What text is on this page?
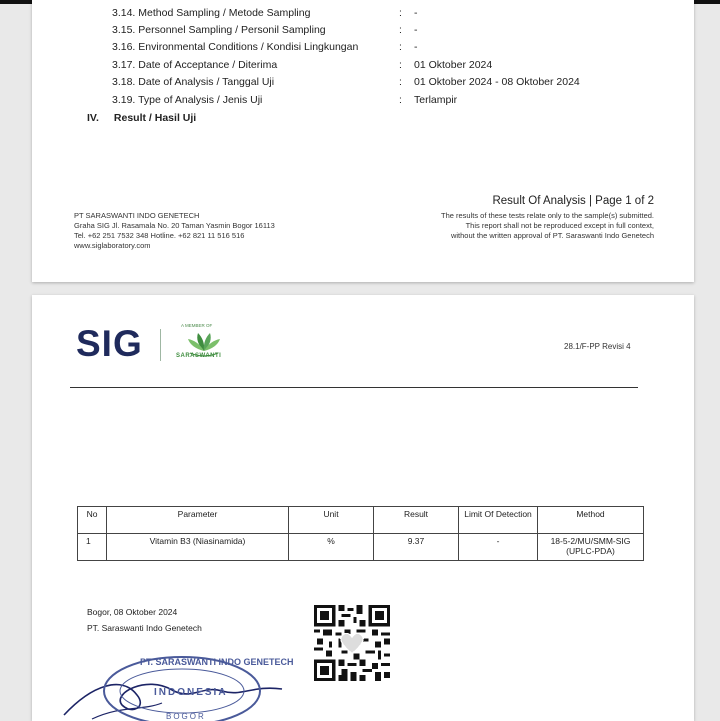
3.14. Method Sampling / Metode Sampling	: -
3.15. Personnel Sampling / Personil Sampling	: -
3.16. Environmental Conditions / Kondisi Lingkungan	: -
3.17. Date of Acceptance / Diterima	: 01 Oktober 2024
3.18. Date of Analysis / Tanggal Uji	: 01 Oktober 2024 - 08 Oktober 2024
3.19. Type of Analysis / Jenis Uji	: Terlampir
IV. Result / Hasil Uji
PT SARASWANTI INDO GENETECH
Graha SIG Jl. Rasamala No. 20 Taman Yasmin Bogor 16113
Tel. +62 251 7532 348 Hotline. +62 821 11 516 516
www.siglaboratory.com
Result Of Analysis | Page 1 of 2
The results of these tests relate only to the sample(s) submitted.
This report shall not be reproduced except in full context,
without the written approval of PT. Saraswanti Indo Genetech
SIG	A MEMBER OF
SARASWANTI
28.1/F-PP Revisi 4
No	Parameter	Unit	Result	Limit Of Detection	Method
1	Vitamin B3 (Niasinamida)	%	9.37	-	18-5-2/MU/SMM-SIG (UPLC-PDA)
Bogor, 08 Oktober 2024
PT. Saraswanti Indo Genetech
PT. SARASWANTI INDO GENETECH
INDONESIA
BOGOR
